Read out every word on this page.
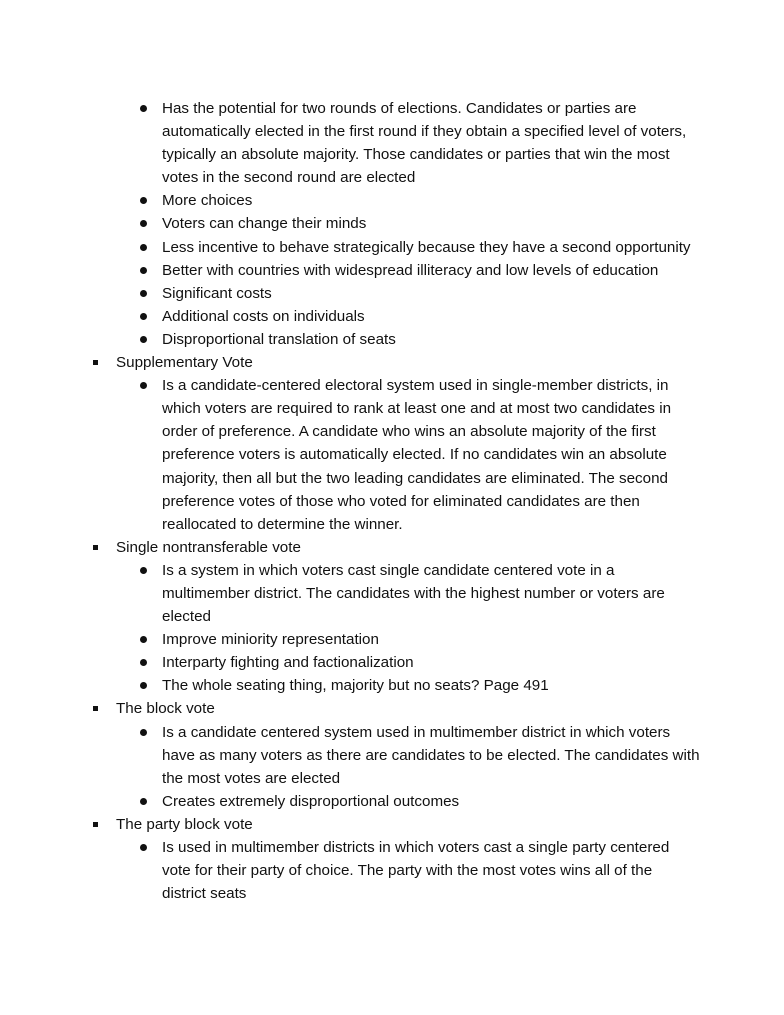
Has the potential for two rounds of elections. Candidates or parties are automatically elected in the first round if they obtain a specified level of voters, typically an absolute majority. Those candidates or parties that win the most votes in the second round are elected
More choices
Voters can change their minds
Less incentive to behave strategically because they have a second opportunity
Better with countries with widespread illiteracy and low levels of education
Significant costs
Additional costs on individuals
Disproportional translation of seats
Supplementary Vote
Is a candidate-centered electoral system used in single-member districts, in which voters are required to rank at least one and at most two candidates in order of preference. A candidate who wins an absolute majority of the first preference voters is automatically elected. If no candidates win an absolute majority, then all but the two leading candidates are eliminated. The second preference votes of those who voted for eliminated candidates are then reallocated to determine the winner.
Single nontransferable vote
Is a system in which voters cast single candidate centered vote in a multimember district. The candidates with the highest number or voters are elected
Improve miniority representation
Interparty fighting and factionalization
The whole seating thing, majority but no seats? Page 491
The block vote
Is a candidate centered system used in multimember district in which voters have as many voters as there are candidates to be elected. The candidates with the most votes are elected
Creates extremely disproportional outcomes
The party block vote
Is used in multimember districts in which voters cast a single party centered vote for their party of choice. The party with the most votes wins all of the district seats
